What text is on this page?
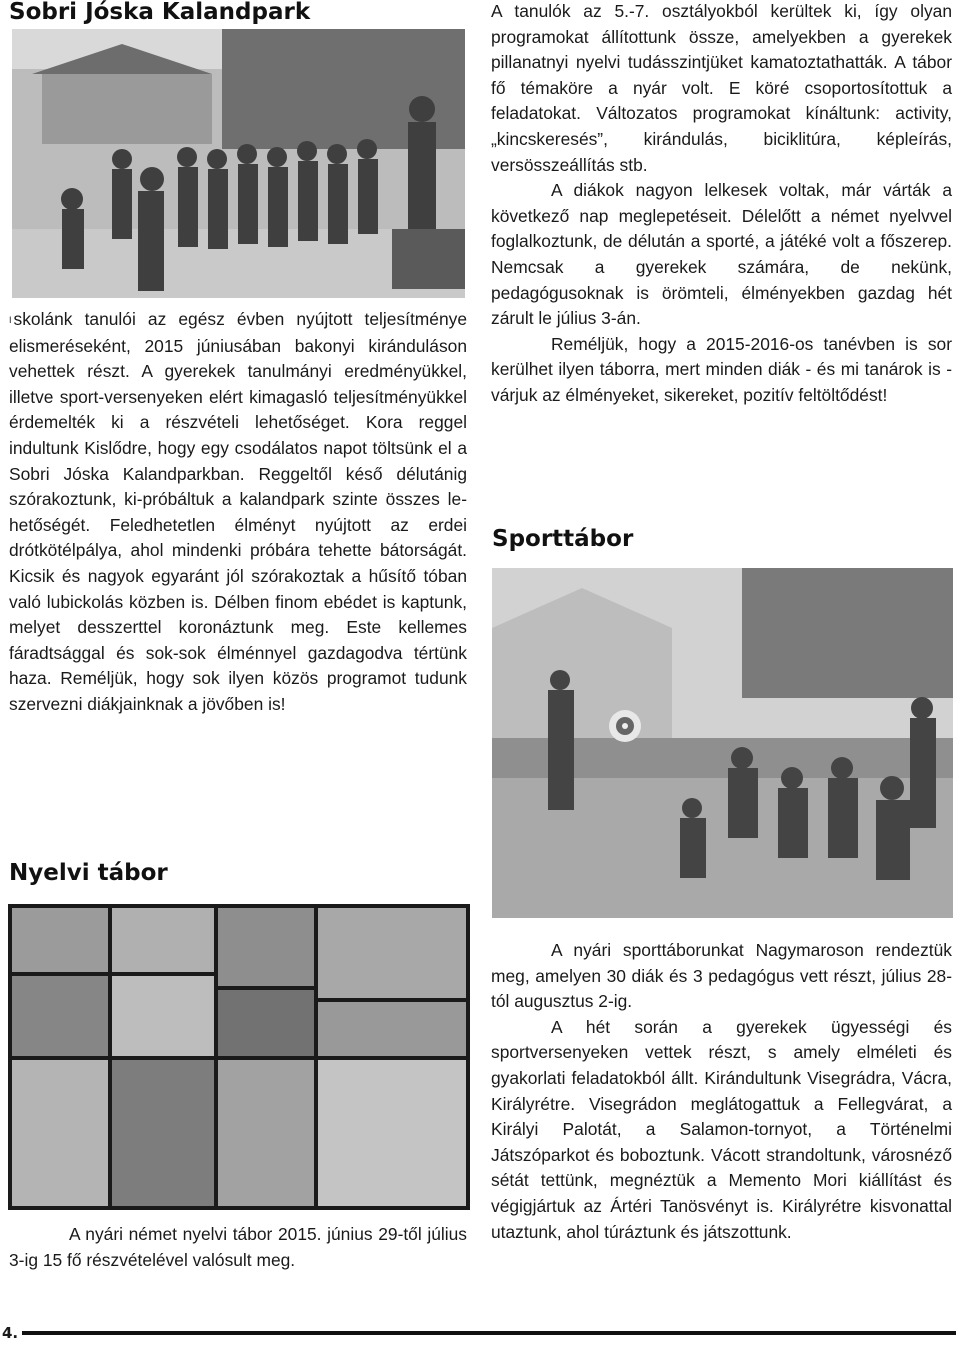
Sobri Jóska Kalandpark

I skolánk tanulói az egész évben nyújtott teljesítménye elismeréseként, 2015 júniusában bakonyi kiránduláson vehettek részt. A gyerekek tanulmányi eredményükkel, illetve sport-versenyeken elért kimagasló teljesítményükkel érdemelték ki a részvételi lehetőséget. Kora reggel indultunk Kislődre, hogy egy csodálatos napot töltsünk el a Sobri Jóska Kalandparkban. Reggeltől késő délutánig szórakoztunk, ki-próbáltuk a kalandpark szinte összes le-hetőségét. Feledhetetlen élményt nyújtott az erdei drótkötélpálya, ahol mindenki próbára tehette bátorságát. Kicsik és nagyok egyaránt jól szórakoztak a hűsítő tóban való lubickolás közben is. Délben finom ebédet is kaptunk, melyet desszerttel koronáztunk meg. Este kellemes fáradtsággal és sok-sok élménnyel gazdagodva tértünk haza. Reméljük, hogy sok ilyen közös programot tudunk szervezni diákjainknak a jövőben is!

Nyelvi tábor

A nyári német nyelvi tábor 2015. június 29-től július 3-ig 15 fő részvételével valósult meg.

A tanulók az 5.-7. osztályokból kerültek ki, így olyan programokat állítottunk össze, amelyekben a gyerekek pillanatnyi nyelvi tudásszintjüket kamatoztathatták. A tábor fő témaköre a nyár volt. E köré csoportosítottuk a feladatokat. Változatos programokat kínáltunk: activity, „kincskeresés”, kirándulás, biciklitúra, képleírás, versösszeállítás stb.

A diákok nagyon lelkesek voltak, már várták a következő nap meglepetéseit. Délelőtt a német nyelvvel foglalkoztunk, de délután a sporté, a játéké volt a főszerep. Nemcsak a gyerekek számára, de nekünk, pedagógusoknak is örömteli, élményekben gazdag hét zárult le július 3-án.

Reméljük, hogy a 2015-2016-os tanévben is sor kerülhet ilyen táborra, mert minden diák - és mi tanárok is - várjuk az élményeket, sikereket, pozitív feltöltődést!

Sporttábor

A nyári sporttáborunkat Nagymaroson rendeztük meg, amelyen 30 diák és 3 pedagógus vett részt, július 28-tól augusztus 2-ig.

A hét során a gyerekek ügyességi és sportversenyeken vettek részt, s amely elméleti és gyakorlati feladatokból állt. Kirándultunk Visegrádra, Vácra, Királyrétre. Visegrádon meglátogattuk a Fellegvárat, a Királyi Palotát, a Salamon-tornyot, a Történelmi Játszóparkot és boboztunk. Vácott strandoltunk, városnéző sétát tettünk, megnéztük a Memento Mori kiállítást és végigjártuk az Ártéri Tanösvényt is. Királyrétre kisvonattal utaztunk, ahol túráztunk és játszottunk.

4.
